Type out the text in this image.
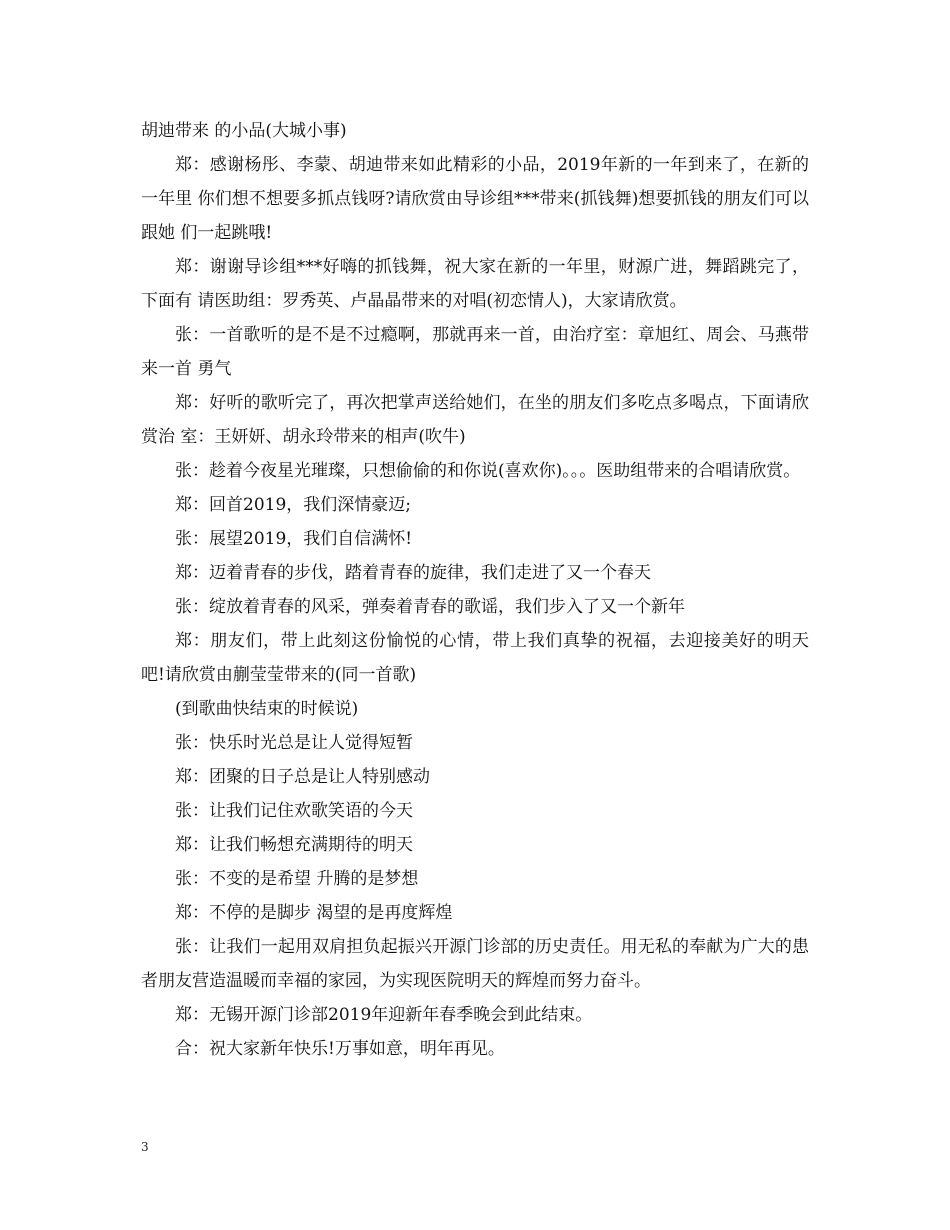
胡迪带来 的小品(大城小事)

郑：感谢杨彤、李蒙、胡迪带来如此精彩的小品，2019年新的一年到来了，在新的一年里 你们想不想要多抓点钱呀?请欣赏由导诊组***带来(抓钱舞)想要抓钱的朋友们可以跟她 们一起跳哦!

郑：谢谢导诊组***好嗨的抓钱舞，祝大家在新的一年里，财源广进，舞蹈跳完了，下面有 请医助组：罗秀英、卢晶晶带来的对唱(初恋情人)，大家请欣赏。

张：一首歌听的是不是不过瘾啊，那就再来一首，由治疗室：章旭红、周会、马燕带来一首 勇气

郑：好听的歌听完了，再次把掌声送给她们，在坐的朋友们多吃点多喝点，下面请欣赏治 室：王妍妍、胡永玲带来的相声(吹牛)

张：趁着今夜星光璀璨，只想偷偷的和你说(喜欢你)。。。医助组带来的合唱请欣赏。

郑：回首2019，我们深情豪迈;

张：展望2019，我们自信满怀!

郑：迈着青春的步伐，踏着青春的旋律，我们走进了又一个春天

张：绽放着青春的风采，弹奏着青春的歌谣，我们步入了又一个新年

郑：朋友们，带上此刻这份愉悦的心情，带上我们真挚的祝福，去迎接美好的明天吧!请欣赏由蒯莹莹带来的(同一首歌)

(到歌曲快结束的时候说)

张：快乐时光总是让人觉得短暂

郑：团聚的日子总是让人特别感动

张：让我们记住欢歌笑语的今天

郑：让我们畅想充满期待的明天

张：不变的是希望 升腾的是梦想

郑：不停的是脚步 渴望的是再度辉煌

张：让我们一起用双肩担负起振兴开源门诊部的历史责任。用无私的奉献为广大的患者朋友营造温暖而幸福的家园，为实现医院明天的辉煌而努力奋斗。

郑：无锡开源门诊部2019年迎新年春季晚会到此结束。

合：祝大家新年快乐!万事如意，明年再见。

3
